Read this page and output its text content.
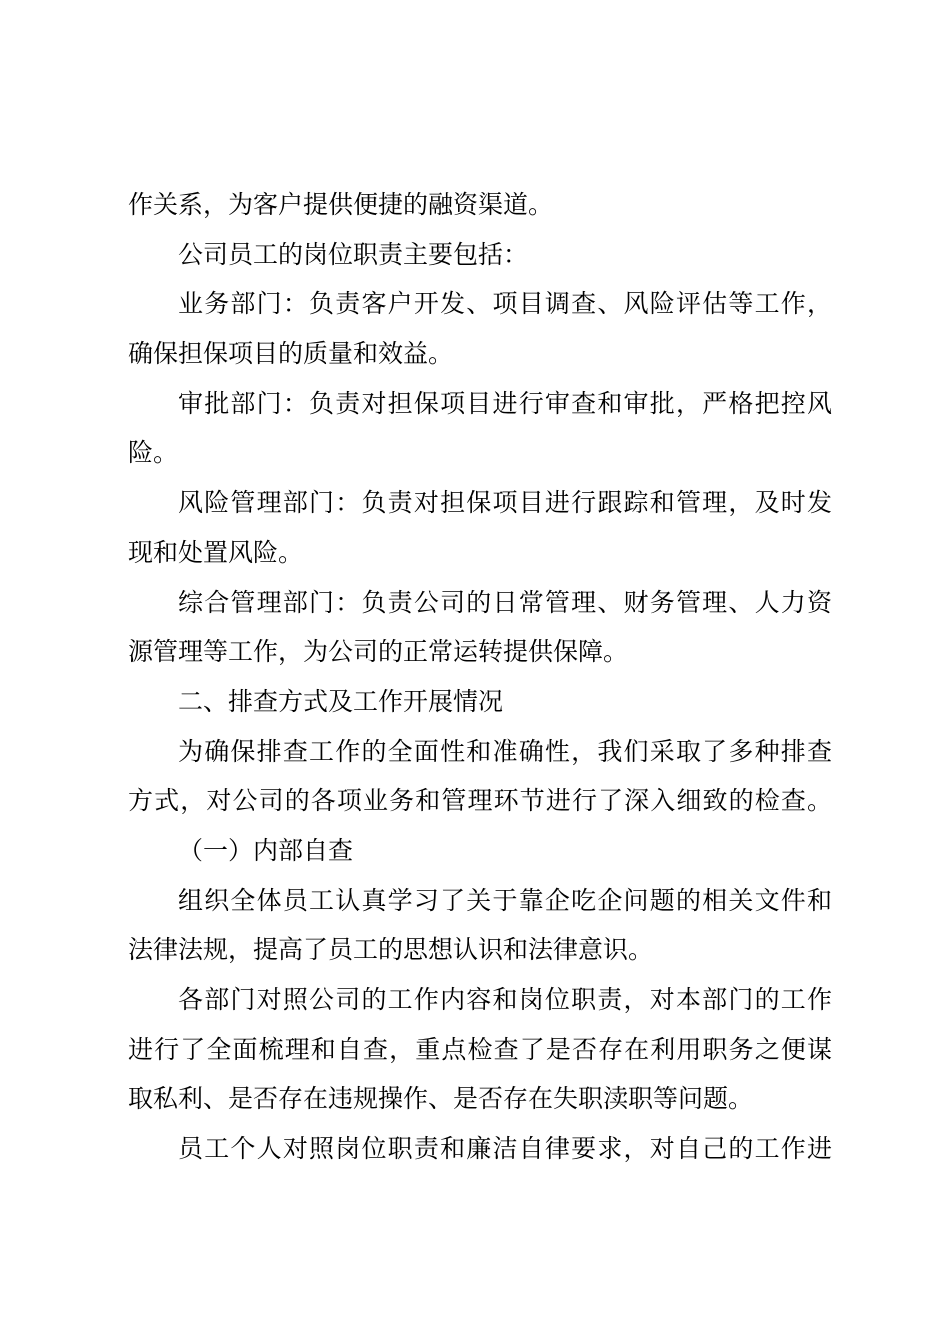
作关系，为客户提供便捷的融资渠道。
公司员工的岗位职责主要包括：
业务部门：负责客户开发、项目调查、风险评估等工作，
确保担保项目的质量和效益。
审批部门：负责对担保项目进行审查和审批，严格把控风
险。
风险管理部门：负责对担保项目进行跟踪和管理，及时发
现和处置风险。
综合管理部门：负责公司的日常管理、财务管理、人力资
源管理等工作，为公司的正常运转提供保障。
二、排查方式及工作开展情况
为确保排查工作的全面性和准确性，我们采取了多种排查
方式，对公司的各项业务和管理环节进行了深入细致的检查。
（一）内部自查
组织全体员工认真学习了关于靠企吃企问题的相关文件和
法律法规，提高了员工的思想认识和法律意识。
各部门对照公司的工作内容和岗位职责，对本部门的工作
进行了全面梳理和自查，重点检查了是否存在利用职务之便谋
取私利、是否存在违规操作、是否存在失职渎职等问题。
员工个人对照岗位职责和廉洁自律要求，对自己的工作进
